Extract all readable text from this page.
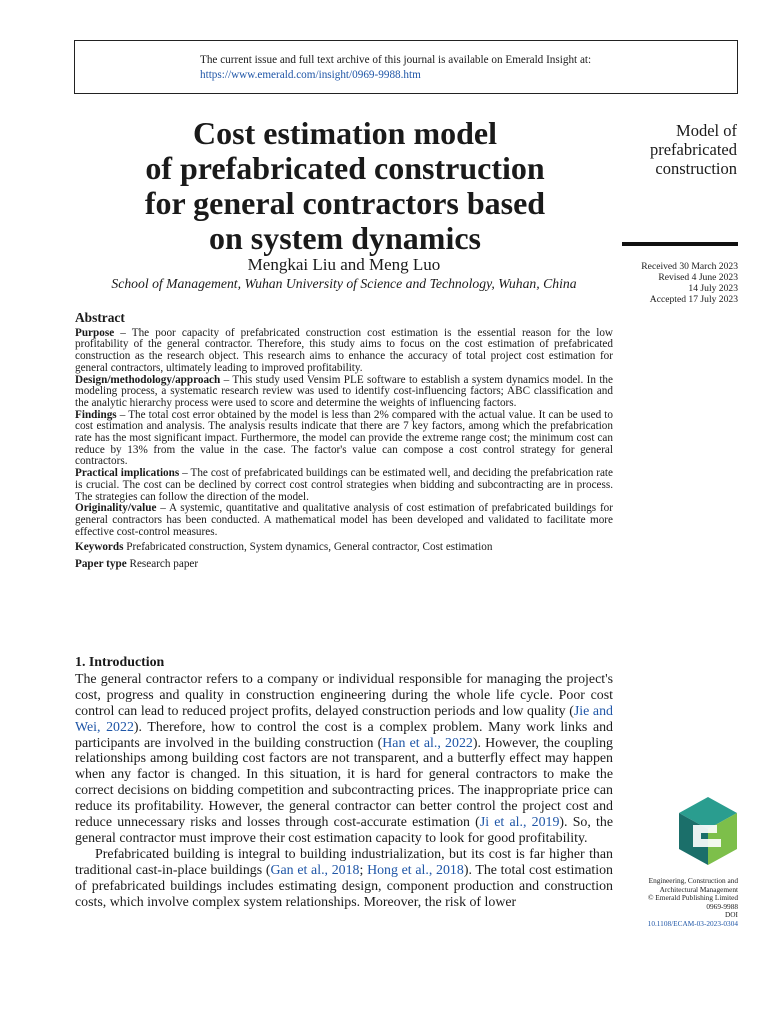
The current issue and full text archive of this journal is available on Emerald Insight at:
https://www.emerald.com/insight/0969-9988.htm
Cost estimation model
of prefabricated construction
for general contractors based
on system dynamics
Model of
prefabricated
construction
Received 30 March 2023
Revised 4 June 2023
14 July 2023
Accepted 17 July 2023
Mengkai Liu and Meng Luo
School of Management, Wuhan University of Science and Technology, Wuhan, China
Abstract

Purpose – The poor capacity of prefabricated construction cost estimation is the essential reason for the low profitability of the general contractor. Therefore, this study aims to focus on the cost estimation of prefabricated construction as the research object. This research aims to enhance the accuracy of total project cost estimation for general contractors, ultimately leading to improved profitability.

Design/methodology/approach – This study used Vensim PLE software to establish a system dynamics model. In the modeling process, a systematic research review was used to identify cost-influencing factors; ABC classification and the analytic hierarchy process were used to score and determine the weights of influencing factors.

Findings – The total cost error obtained by the model is less than 2% compared with the actual value. It can be used to cost estimation and analysis. The analysis results indicate that there are 7 key factors, among which the prefabrication rate has the most significant impact. Furthermore, the model can provide the extreme range cost; the minimum cost can reduce by 13% from the value in the case. The factor's value can compose a cost control strategy for general contractors.

Practical implications – The cost of prefabricated buildings can be estimated well, and deciding the prefabrication rate is crucial. The cost can be declined by correct cost control strategies when bidding and subcontracting are in process. The strategies can follow the direction of the model.

Originality/value – A systemic, quantitative and qualitative analysis of cost estimation of prefabricated buildings for general contractors has been conducted. A mathematical model has been developed and validated to facilitate more effective cost-control measures.

Keywords Prefabricated construction, System dynamics, General contractor, Cost estimation

Paper type Research paper

1. Introduction

The general contractor refers to a company or individual responsible for managing the project's cost, progress and quality in construction engineering during the whole life cycle. Poor cost control can lead to reduced project profits, delayed construction periods and low quality (Jie and Wei, 2022). Therefore, how to control the cost is a complex problem. Many work links and participants are involved in the building construction (Han et al., 2022). However, the coupling relationships among building cost factors are not transparent, and a butterfly effect may happen when any factor is changed. In this situation, it is hard for general contractors to make the correct decisions on bidding competition and subcontracting prices. The inappropriate price can reduce its profitability. However, the general contractor can better control the project cost and reduce unnecessary risks and losses through cost-accurate estimation (Ji et al., 2019). So, the general contractor must improve their cost estimation capacity to look for good profitability.

Prefabricated building is integral to building industrialization, but its cost is far higher than traditional cast-in-place buildings (Gan et al., 2018; Hong et al., 2018). The total cost estimation of prefabricated buildings includes estimating design, component production and construction costs, which involve complex system relationships. Moreover, the risk of lower

Engineering, Construction and
Architectural Management
© Emerald Publishing Limited
0969-9988
DOI
10.1108/ECAM-03-2023-0304
